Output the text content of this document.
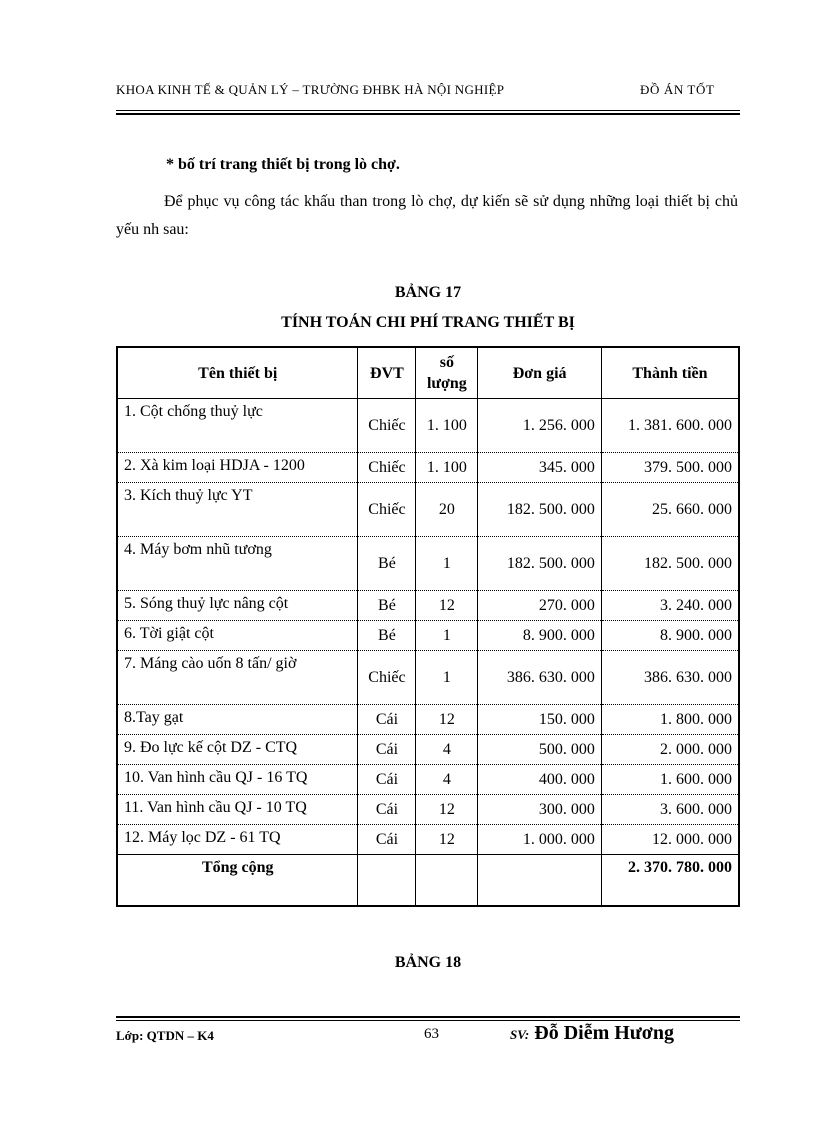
KHOA KINH TẾ & QUẢN LÝ – TRƯỜNG ĐHBK HÀ NỘI NGHIỆP	ĐỒ ÁN TỐT
* bố trí trang thiết bị trong lò chợ.
Để phục vụ công tác khấu than trong lò chợ, dự kiến sẽ sử dụng những loại thiết bị chủ yếu nh sau:
BẢNG 17
TÍNH TOÁN CHI PHÍ TRANG THIẾT BỊ
Tên thiết bị	ĐVT	số lượng	Đơn giá	Thành tiền
1. Cột chống thuỷ lực	Chiếc	1. 100	1. 256. 000	1. 381. 600. 000
2. Xà kim loại HDJA - 1200	Chiếc	1. 100	345. 000	379. 500. 000
3. Kích thuỷ lực YT	Chiếc	20	182. 500. 000	25. 660. 000
4. Máy bơm nhũ tương	Bé	1	182. 500. 000	182. 500. 000
5. Sóng thuỷ lực nâng cột	Bé	12	270. 000	3. 240. 000
6. Tời giật cột	Bé	1	8. 900. 000	8. 900. 000
7. Máng cào uốn 8 tấn/ giờ	Chiếc	1	386. 630. 000	386. 630. 000
8.Tay gạt	Cái	12	150. 000	1. 800. 000
9. Đo lực kế cột DZ - CTQ	Cái	4	500. 000	2. 000. 000
10. Van hình cầu QJ - 16 TQ	Cái	4	400. 000	1. 600. 000
11. Van hình cầu QJ - 10 TQ	Cái	12	300. 000	3. 600. 000
12. Máy lọc DZ - 61 TQ	Cái	12	1. 000. 000	12. 000. 000
Tổng cộng				2. 370. 780. 000
BẢNG 18
Lớp: QTDN – K4	63	SV: Đỗ Diễm Hương
